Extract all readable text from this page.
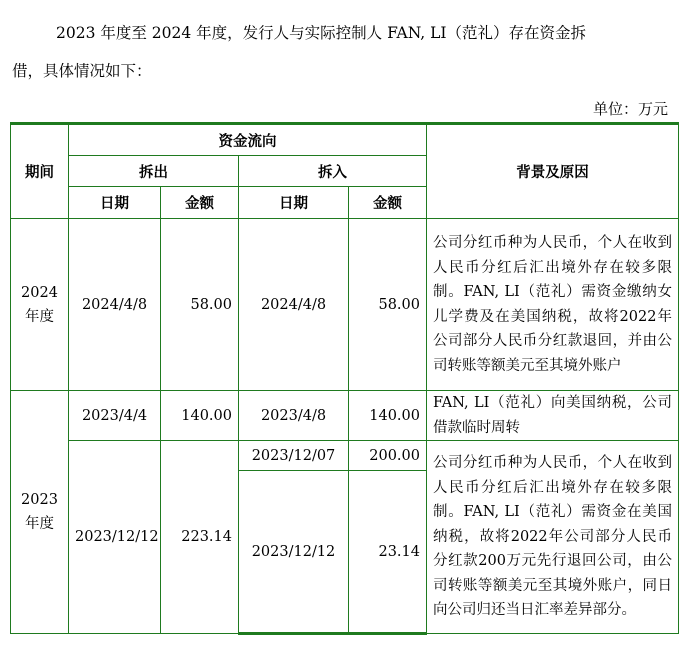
2023 年度至 2024 年度，发行人与实际控制人 FAN, LI（范礼）存在资金拆
借，具体情况如下：

单位：万元

期间	资金流向				背景及原因
	拆出		拆入		
	日期	金额	日期	金额	
2024
年度	2024/4/8	58.00	2024/4/8	58.00	公司分红币种为人民币，个人在收到人民币分红后汇出境外存在较多限制。FAN, LI（范礼）需资金缴纳女儿学费及在美国纳税，故将2022年公司部分人民币分红款退回，并由公司转账等额美元至其境外账户
2023
年度	2023/4/4	140.00	2023/4/8	140.00	FAN, LI（范礼）向美国纳税，公司借款临时周转
	2023/12/12	223.14	2023/12/07	200.00	公司分红币种为人民币，个人在收到人民币分红后汇出境外存在较多限制。FAN, LI（范礼）需资金在美国纳税，故将2022年公司部分人民币分红款200万元先行退回公司，由公司转账等额美元至其境外账户，同日向公司归还当日汇率差异部分。
			2023/12/12	23.14	
